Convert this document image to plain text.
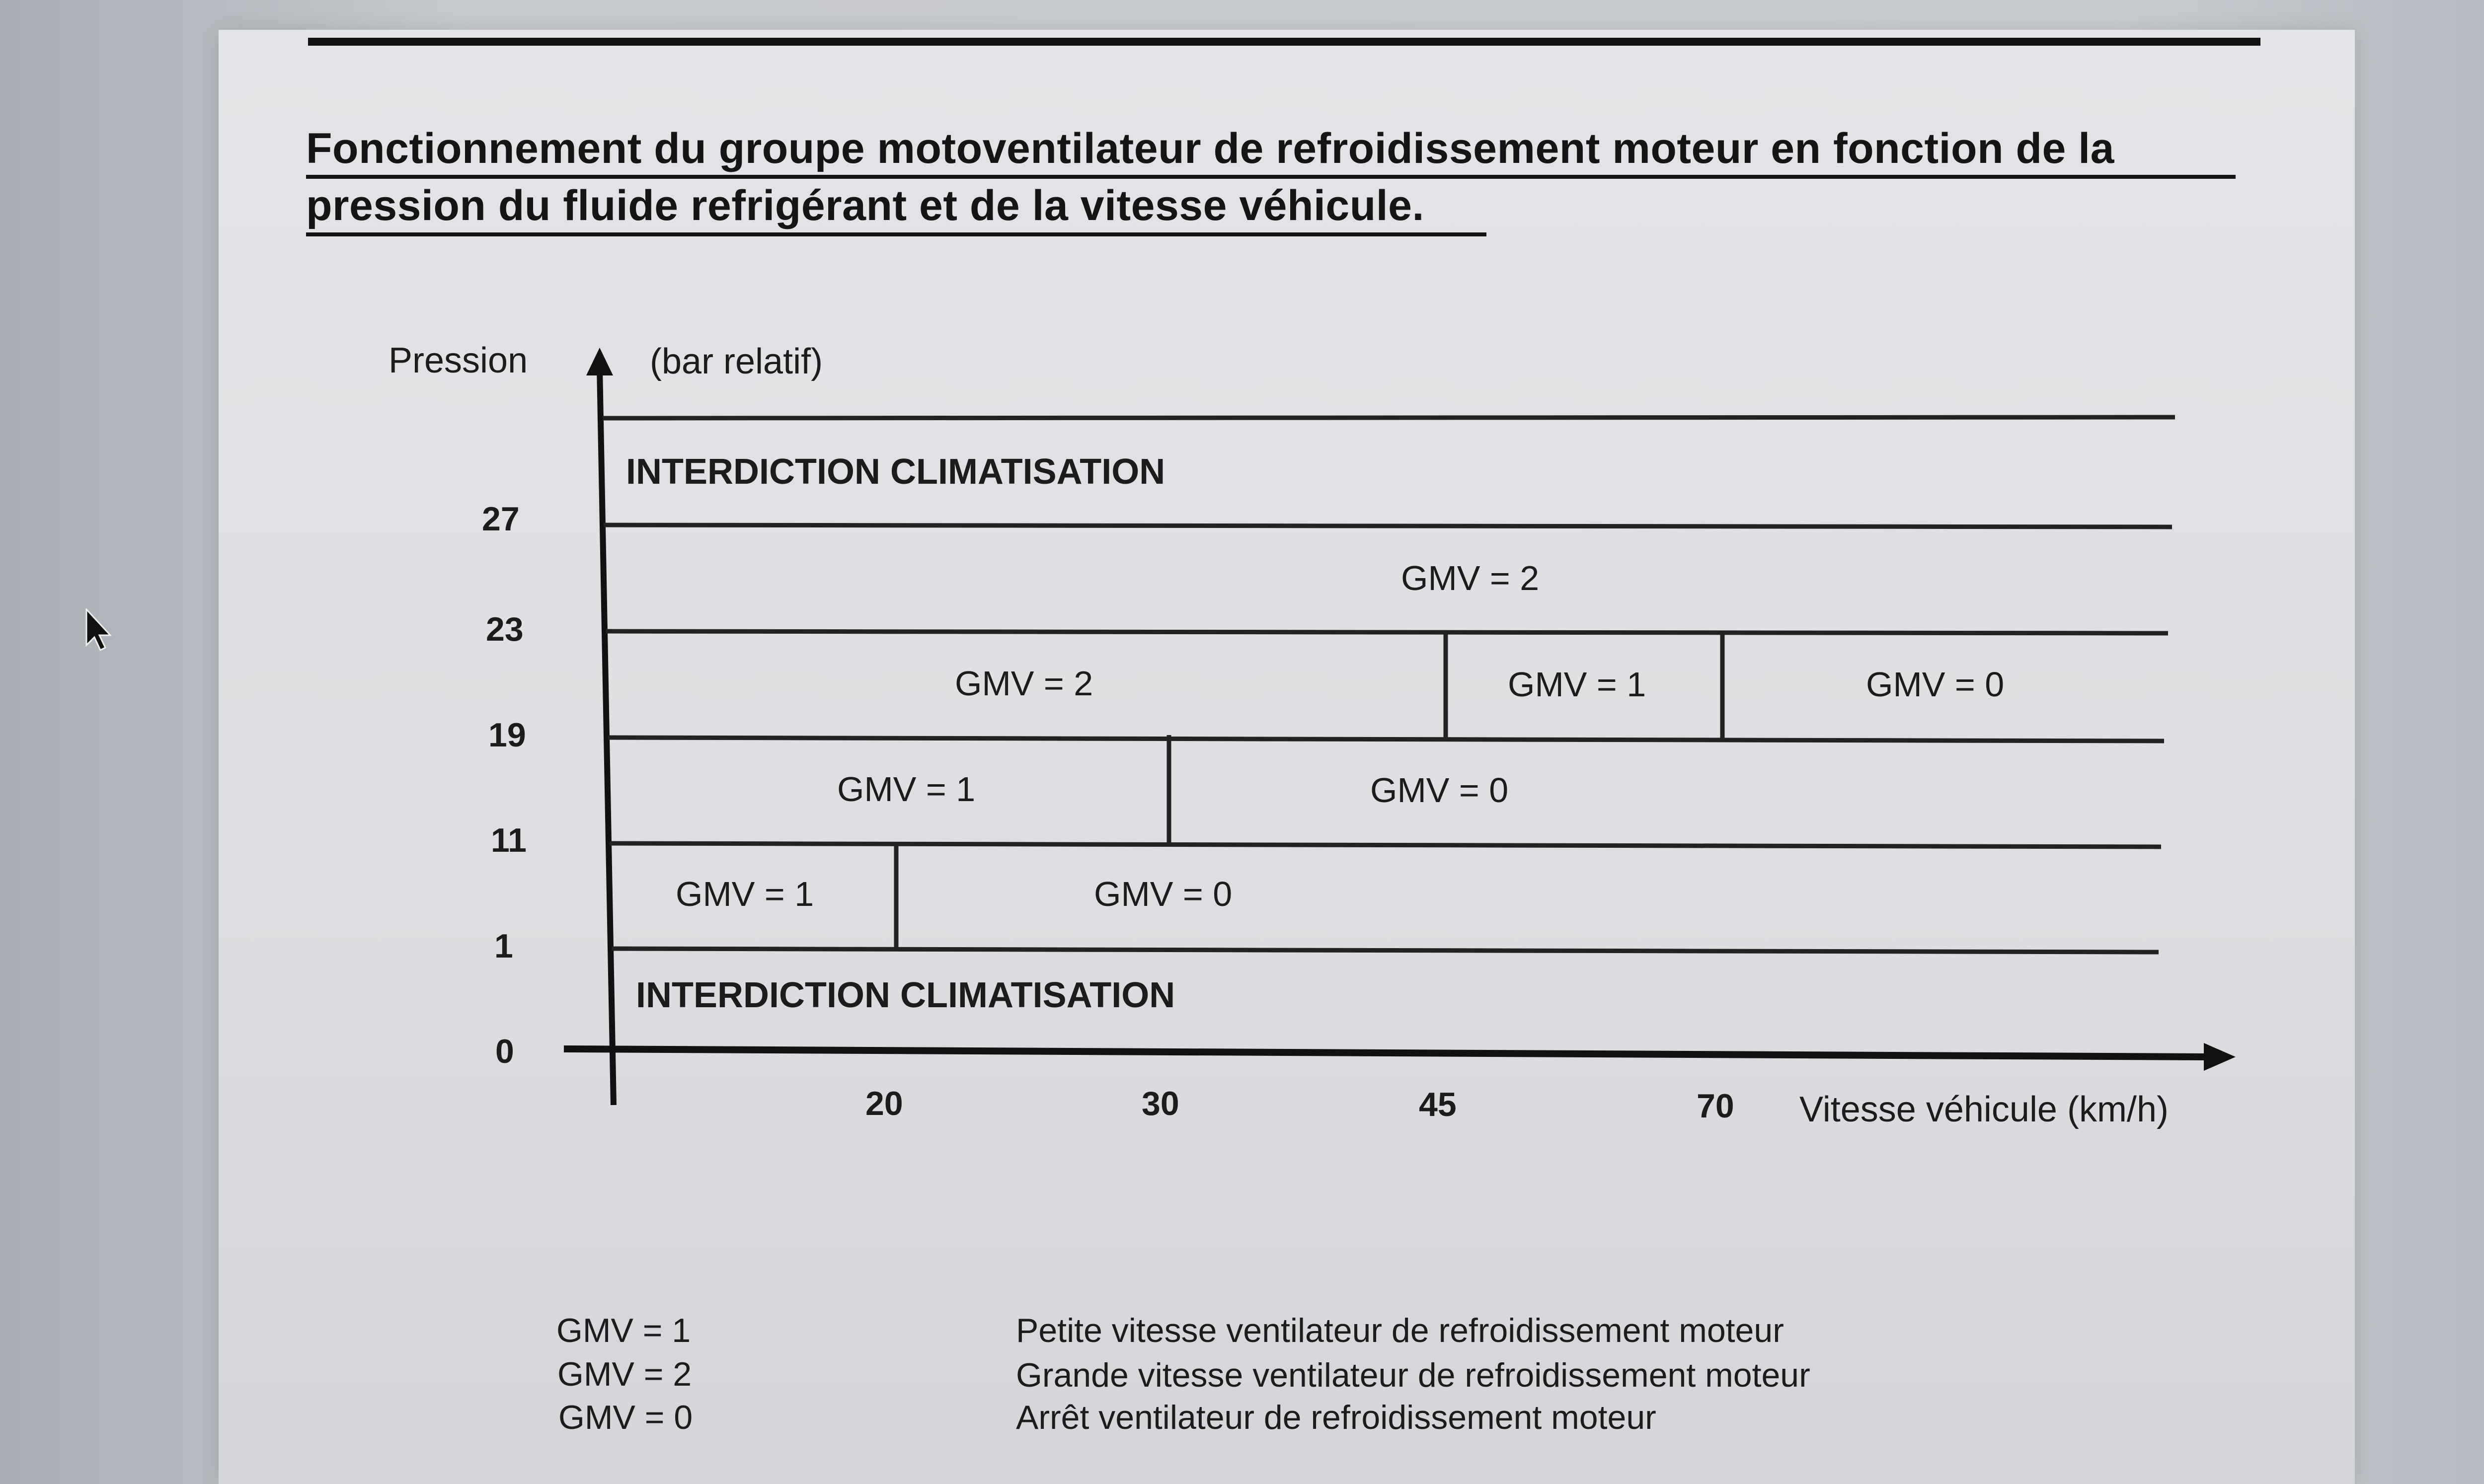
Fonctionnement du groupe motoventilateur de refroidissement moteur en fonction de la
pression du fluide refrigérant et de la vitesse véhicule.
Pression	(bar relatif)
Vitesse véhicule (km/h)
INTERDICTION CLIMATISATION
GMV = 2
GMV = 2	GMV = 1	GMV = 0
GMV = 1	GMV = 0
GMV = 1	GMV = 0
INTERDICTION CLIMATISATION
27
23
19
11
1
0
20	30	45	70
GMV = 1	Petite vitesse ventilateur de refroidissement moteur
GMV = 2	Grande vitesse ventilateur de refroidissement moteur
GMV = 0	Arrêt ventilateur de refroidissement moteur
